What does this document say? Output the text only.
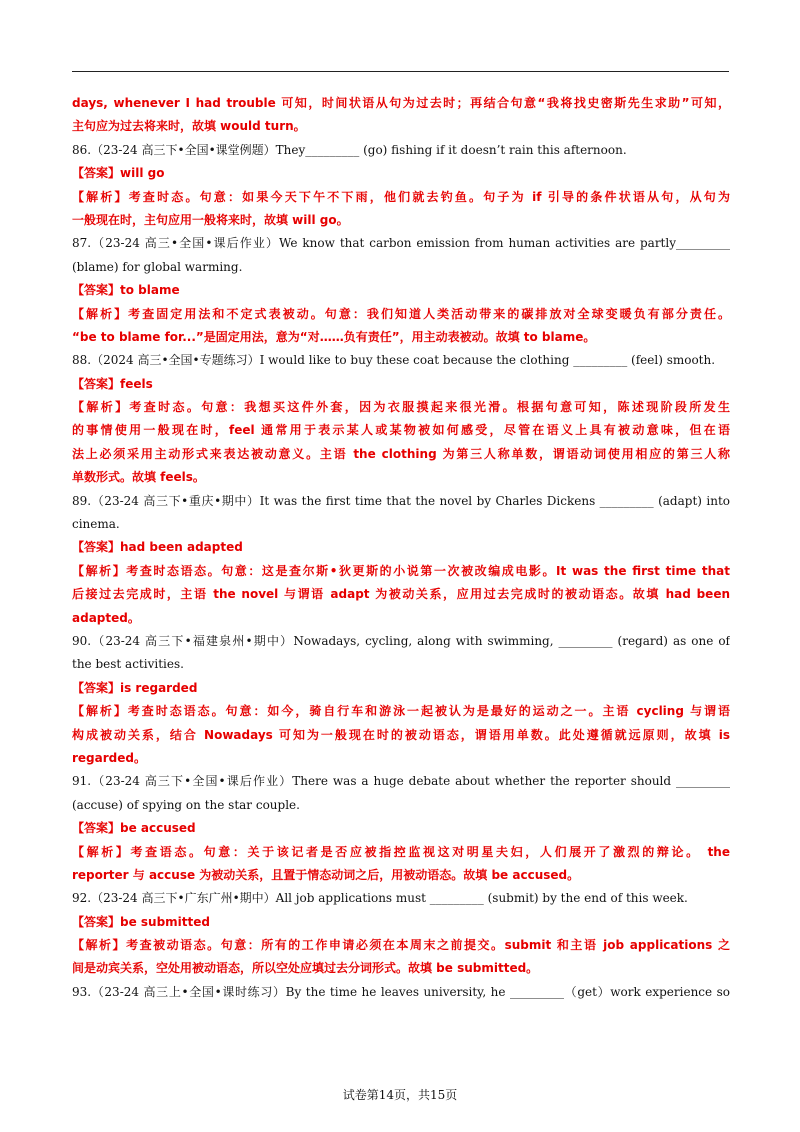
days, whenever I had trouble 可知，时间状语从句为过去时；再结合句意“我将找史密斯先生求助”可知，
主句应为过去将来时，故填 would turn。
86.（23-24 高三下•全国•课堂例题）They_________ (go) fishing if it doesn’t rain this afternoon.
【答案】will go
【解析】考查时态。句意：如果今天下午不下雨，他们就去钓鱼。句子为 if 引导的条件状语从句，从句为
一般现在时，主句应用一般将来时，故填 will go。
87.（23-24 高三•全国•课后作业）We know that carbon emission from human activities are partly_________
(blame) for global warming.
【答案】to blame
【解析】考查固定用法和不定式表被动。句意：我们知道人类活动带来的碳排放对全球变暖负有部分责任。
“be to blame for...”是固定用法，意为“对……负有责任”，用主动表被动。故填 to blame。
88.（2024 高三•全国•专题练习）I would like to buy these coat because the clothing _________ (feel) smooth.
【答案】feels
【解析】考查时态。句意：我想买这件外套，因为衣服摸起来很光滑。根据句意可知，陈述现阶段所发生
的事情使用一般现在时，feel 通常用于表示某人或某物被如何感受，尽管在语义上具有被动意味，但在语
法上必须采用主动形式来表达被动意义。主语 the clothing 为第三人称单数，谓语动词使用相应的第三人称
单数形式。故填 feels。
89.（23-24 高三下•重庆•期中）It was the first time that the novel by Charles Dickens _________ (adapt) into
cinema.
【答案】had been adapted
【解析】考查时态语态。句意：这是查尔斯•狄更斯的小说第一次被改编成电影。It was the first time that
后接过去完成时，主语 the novel 与谓语 adapt 为被动关系，应用过去完成时的被动语态。故填 had been
adapted。
90.（23-24 高三下•福建泉州•期中）Nowadays, cycling, along with swimming, _________ (regard) as one of
the best activities.
【答案】is regarded
【解析】考查时态语态。句意：如今，骑自行车和游泳一起被认为是最好的运动之一。主语 cycling 与谓语
构成被动关系，结合 Nowadays 可知为一般现在时的被动语态，谓语用单数。此处遵循就远原则，故填 is
regarded。
91.（23-24 高三下•全国•课后作业）There was a huge debate about whether the reporter should _________
(accuse) of spying on the star couple.
【答案】be accused
【解析】考查语态。句意：关于该记者是否应被指控监视这对明星夫妇，人们展开了激烈的辩论。 the
reporter 与 accuse 为被动关系，且置于情态动词之后，用被动语态。故填 be accused。
92.（23-24 高三下•广东广州•期中）All job applications must _________ (submit) by the end of this week.
【答案】be submitted
【解析】考查被动语态。句意：所有的工作申请必须在本周末之前提交。submit 和主语 job applications 之
间是动宾关系，空处用被动语态，所以空处应填过去分词形式。故填 be submitted。
93.（23-24 高三上•全国•课时练习）By the time he leaves university, he _________（get）work experience so
试卷第14页，共15页
